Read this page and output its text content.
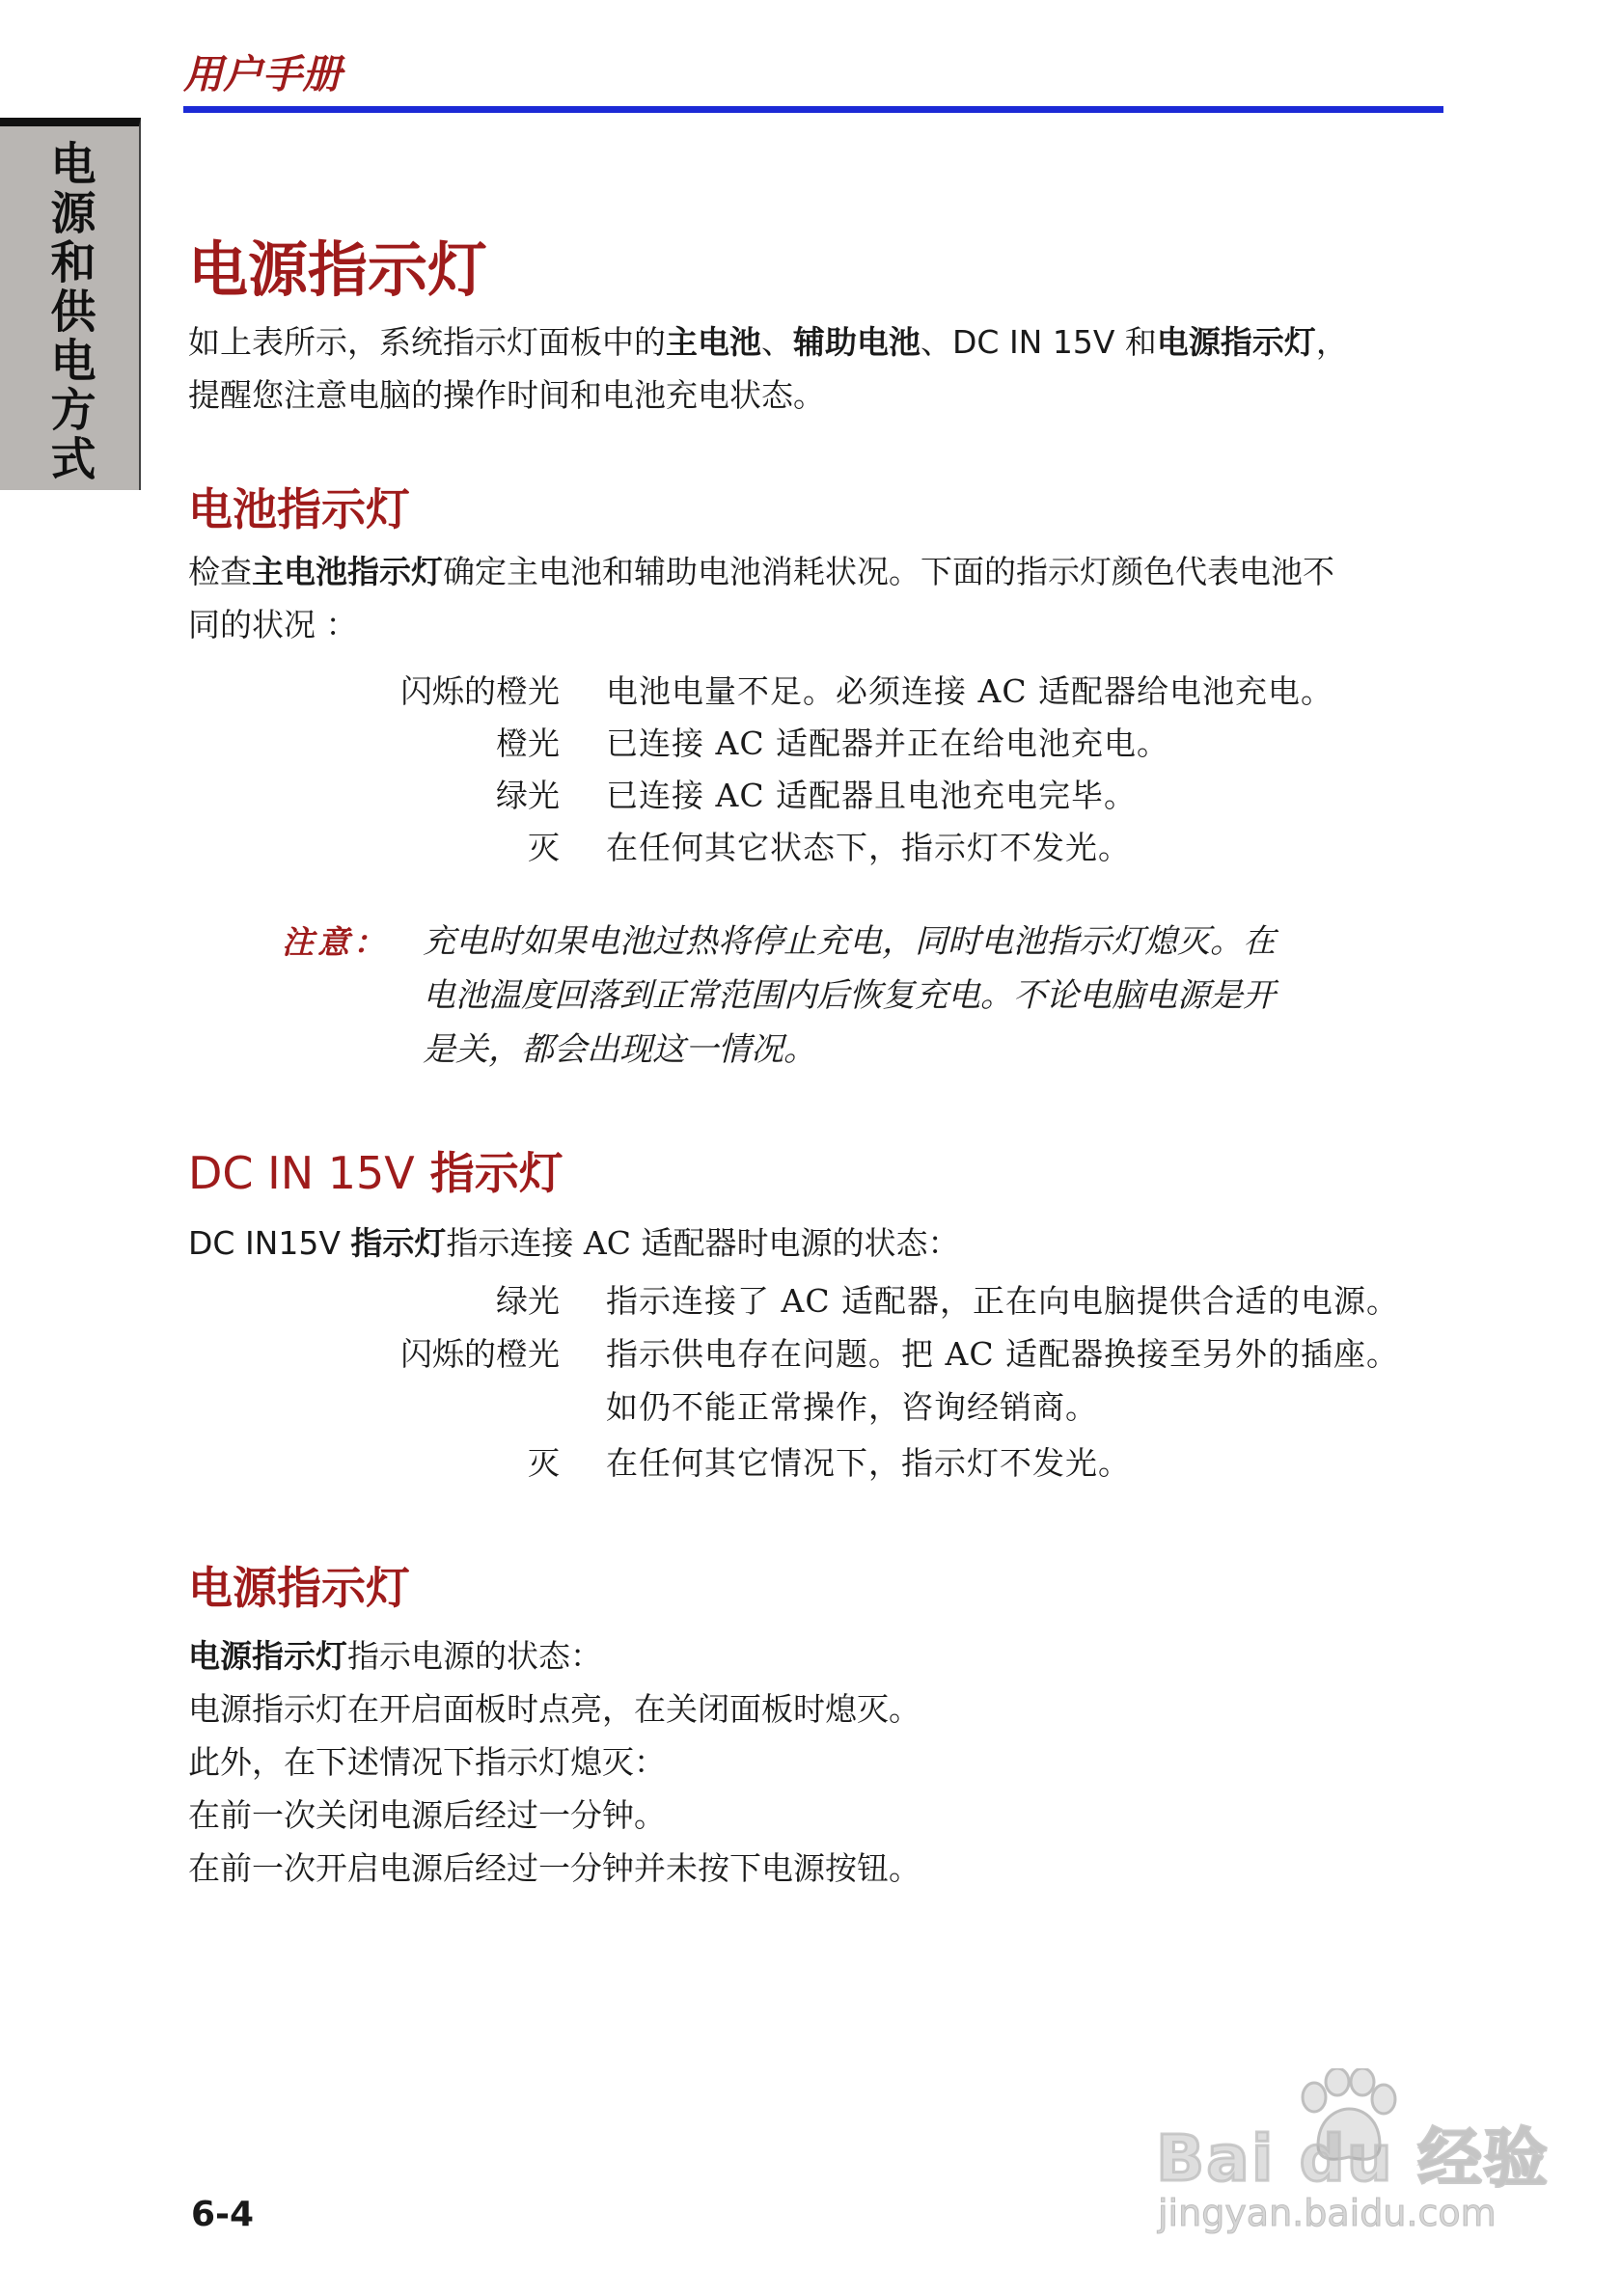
用户手册
电源和供电方式 电源指示灯
如上表所示，系统指示灯面板中的主电池、辅助电池、DC IN 15V 和电源指示灯，
提醒您注意电脑的操作时间和电池充电状态。
电池指示灯
检查主电池指示灯确定主电池和辅助电池消耗状况。下面的指示灯颜色代表电池不
同的状况 ：
闪烁的橙光 电池电量不足。必须连接 AC 适配器给电池充电。
橙光 已连接 AC 适配器并正在给电池充电。
绿光 已连接 AC 适配器且电池充电完毕。
灭 在任何其它状态下，指示灯不发光。
注意： 充电时如果电池过热将停止充电，同时电池指示灯熄灭。在
电池温度回落到正常范围内后恢复充电。不论电脑电源是开
是关，都会出现这一情况。
DC IN 15V 指示灯
DC IN15V 指示灯指示连接 AC 适配器时电源的状态：
绿光 指示连接了 AC 适配器，正在向电脑提供合适的电源。
闪烁的橙光 指示供电存在问题。把 AC 适配器换接至另外的插座。
如仍不能正常操作，咨询经销商。
灭 在任何其它情况下，指示灯不发光。
电源指示灯
电源指示灯指示电源的状态：
电源指示灯在开启面板时点亮，在关闭面板时熄灭。
此外，在下述情况下指示灯熄灭：
在前一次关闭电源后经过一分钟。
在前一次开启电源后经过一分钟并未按下电源按钮。
6-4
Bai du 经验
jingyan.baidu.com
